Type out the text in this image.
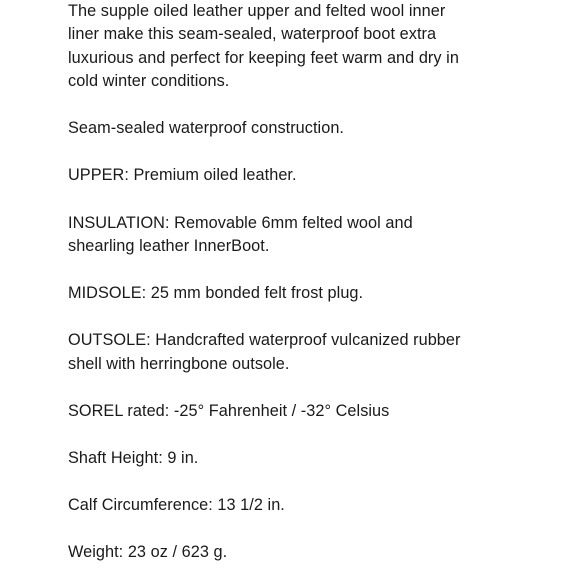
The supple oiled leather upper and felted wool inner
liner make this seam-sealed, waterproof boot extra
luxurious and perfect for keeping feet warm and dry in
cold winter conditions.

Seam-sealed waterproof construction.

UPPER: Premium oiled leather.

INSULATION: Removable 6mm felted wool and
shearling leather InnerBoot.

MIDSOLE: 25 mm bonded felt frost plug.

OUTSOLE: Handcrafted waterproof vulcanized rubber
shell with herringbone outsole.

SOREL rated: -25° Fahrenheit / -32° Celsius

Shaft Height: 9 in.

Calf Circumference: 13 1/2 in.

Weight: 23 oz / 623 g.
